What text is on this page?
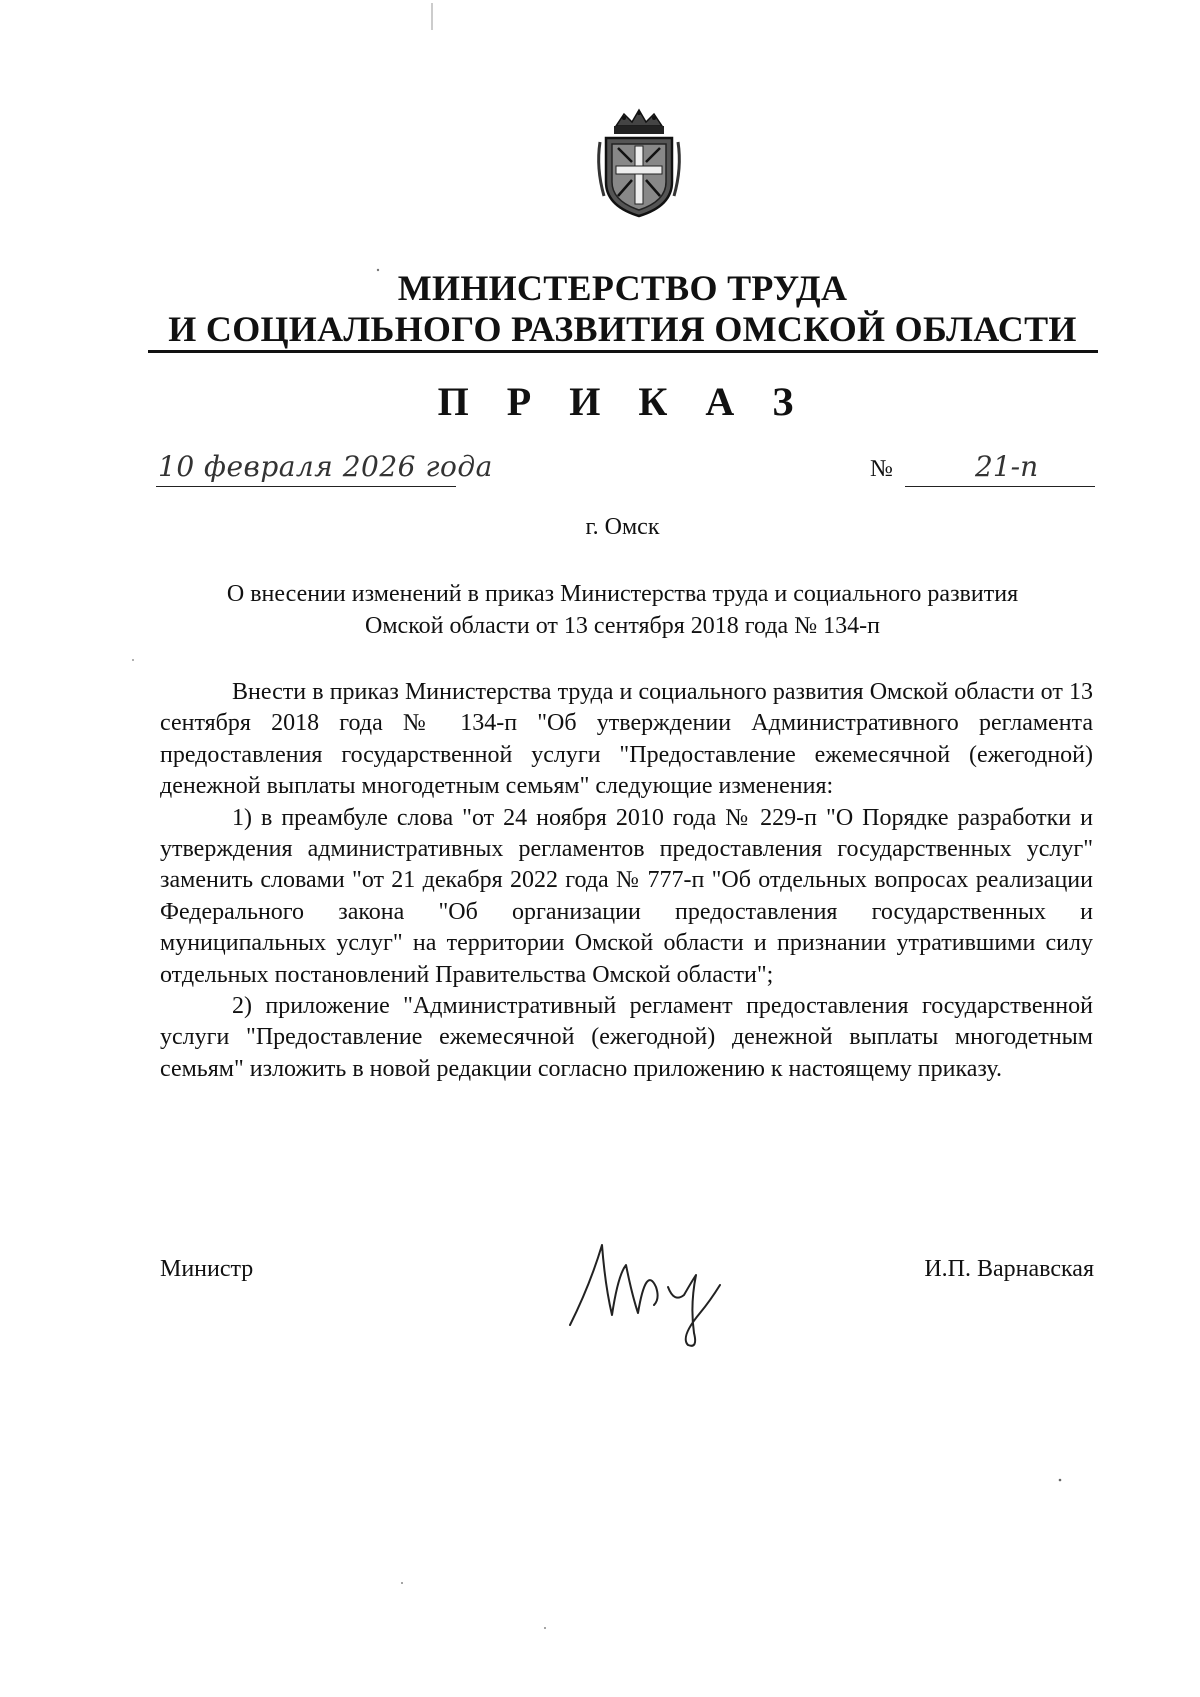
МИНИСТЕРСТВО ТРУДА
И СОЦИАЛЬНОГО РАЗВИТИЯ ОМСКОЙ ОБЛАСТИ
П Р И К А З
10 февраля 2026 года	№	21-п
г. Омск
О внесении изменений в приказ Министерства труда и социального развития
Омской области от 13 сентября 2018 года № 134-п

Внести в приказ Министерства труда и социального развития Омской области от 13 сентября 2018 года № 134-п "Об утверждении Административного регламента предоставления государственной услуги "Предоставление ежемесячной (ежегодной) денежной выплаты многодетным семьям" следующие изменения:

1) в преамбуле слова "от 24 ноября 2010 года № 229-п "О Порядке разработки и утверждения административных регламентов предоставления государственных услуг" заменить словами "от 21 декабря 2022 года № 777-п "Об отдельных вопросах реализации Федерального закона "Об организации предоставления государственных и муниципальных услуг" на территории Омской области и признании утратившими силу отдельных постановлений Правительства Омской области";

2) приложение "Административный регламент предоставления государственной услуги "Предоставление ежемесячной (ежегодной) денежной выплаты многодетным семьям" изложить в новой редакции согласно приложению к настоящему приказу.

Министр	И.П. Варнавская
